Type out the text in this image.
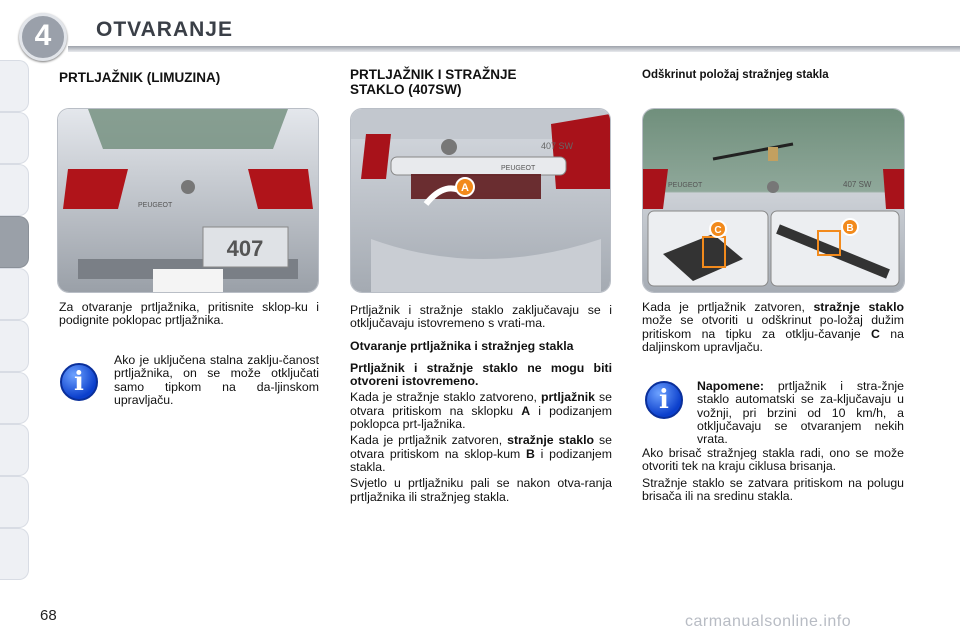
4	OTVARANJE
PRTLJAŽNIK (LIMUZINA)
407
PEUGEOT
Za otvaranje prtljažnika, pritisnite sklop-ku i podignite poklopac prtljažnika.
i
Ako je uključena stalna zaklju-čanost prtljažnika, on se može otključati samo tipkom na da-ljinskom upravljaču.
PRTLJAŽNIK I STRAŽNJE
STAKLO (407SW)
PEUGEOT
407 SW
A

Prtljažnik i stražnje staklo zaključavaju se i otključavaju istovremeno s vrati-ma.

Otvaranje prtljažnika i stražnjeg stakla

Prtljažnik i stražnje staklo ne mogu biti otvoreni istovremeno.

Kada je stražnje staklo zatvoreno, prtljažnik se otvara pritiskom na sklopku A i podizanjem poklopca prt-ljažnika.

Kada je prtljažnik zatvoren, stražnje staklo se otvara pritiskom na sklop-kum B i podizanjem stakla.

Svjetlo u prtljažniku pali se nakon otva-ranja prtljažnika ili stražnjeg stakla.

Odškrinut položaj stražnjeg stakla
PEUGEOT	407 SW
C	B
Kada je prtljažnik zatvoren, stražnje staklo može se otvoriti u odškrinut po-ložaj dužim pritiskom na tipku za otklju-čavanje C na daljinskom upravljaču.
i	Napomene: prtljažnik i stra-žnje staklo automatski se za-ključavaju u vožnji, pri brzini od 10 km/h, a otključavaju se otvaranjem nekih vrata.

Ako brisač stražnjeg stakla radi, ono se može otvoriti tek na kraju ciklusa brisanja.

Stražnje staklo se zatvara pritiskom na polugu brisača ili na sredinu stakla.

68	carmanualsonline.info
